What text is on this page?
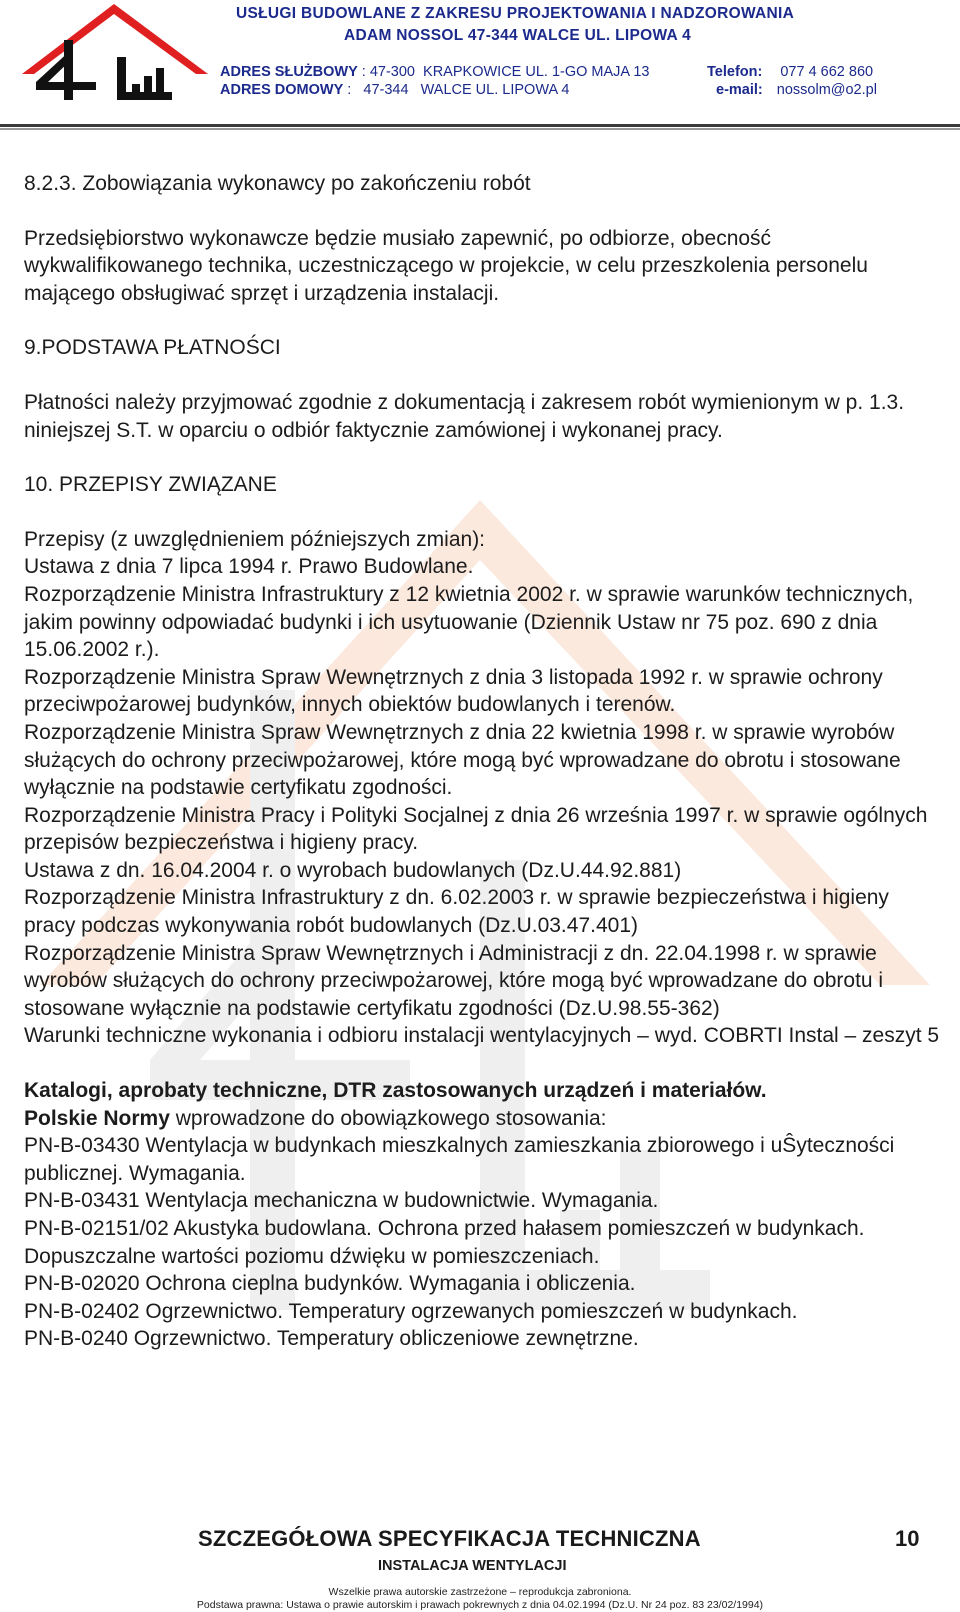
USŁUGI BUDOWLANE Z ZAKRESU PROJEKTOWANIA I NADZOROWANIA
ADAM NOSSOL 47-344 WALCE UL. LIPOWA 4
ADRES SŁUŻBOWY : 47-300  KRAPKOWICE UL. 1-GO MAJA 13	Telefon: 077 4 662 860
ADRES DOMOWY :   47-344   WALCE UL. LIPOWA 4	e-mail: nossolm@o2.pl

8.2.3. Zobowiązania wykonawcy po zakończeniu robót

Przedsiębiorstwo wykonawcze będzie musiało zapewnić, po odbiorze, obecność wykwalifikowanego technika, uczestniczącego w projekcie, w celu przeszkolenia personelu mającego obsługiwać sprzęt i urządzenia instalacji.

9.PODSTAWA PŁATNOŚCI

Płatności należy przyjmować zgodnie z dokumentacją i zakresem robót wymienionym w p. 1.3. niniejszej S.T. w oparciu o odbiór faktycznie zamówionej i wykonanej pracy.

10. PRZEPISY ZWIĄZANE

Przepisy (z uwzględnieniem późniejszych zmian):

Ustawa z dnia 7 lipca 1994 r. Prawo Budowlane.

Rozporządzenie Ministra Infrastruktury z 12 kwietnia 2002 r. w sprawie warunków technicznych, jakim powinny odpowiadać budynki i ich usytuowanie (Dziennik Ustaw nr 75 poz. 690 z dnia 15.06.2002 r.).

Rozporządzenie Ministra Spraw Wewnętrznych z dnia 3 listopada 1992 r. w sprawie ochrony przeciwpożarowej budynków, innych obiektów budowlanych i terenów.

Rozporządzenie Ministra Spraw Wewnętrznych z dnia 22 kwietnia 1998 r. w sprawie wyrobów służących do ochrony przeciwpożarowej, które mogą być wprowadzane do obrotu i stosowane wyłącznie na podstawie certyfikatu zgodności.

Rozporządzenie Ministra Pracy i Polityki Socjalnej z dnia 26 września 1997 r. w sprawie ogólnych przepisów bezpieczeństwa i higieny pracy.

Ustawa z dn. 16.04.2004 r. o wyrobach budowlanych (Dz.U.44.92.881)

Rozporządzenie Ministra Infrastruktury z dn. 6.02.2003 r. w sprawie bezpieczeństwa i higieny pracy podczas wykonywania robót budowlanych (Dz.U.03.47.401)

Rozporządzenie Ministra Spraw Wewnętrznych i Administracji z dn. 22.04.1998 r. w sprawie wyrobów służących do ochrony przeciwpożarowej, które mogą być wprowadzane do obrotu i stosowane wyłącznie na podstawie certyfikatu zgodności (Dz.U.98.55-362)

Warunki techniczne wykonania i odbioru instalacji wentylacyjnych – wyd. COBRTI Instal – zeszyt 5

Katalogi, aprobaty techniczne, DTR zastosowanych urządzeń i materiałów.

Polskie Normy wprowadzone do obowiązkowego stosowania:

PN-B-03430 Wentylacja w budynkach mieszkalnych zamieszkania zbiorowego i uŜyteczności publicznej. Wymagania.

PN-B-03431 Wentylacja mechaniczna w budownictwie. Wymagania.

PN-B-02151/02 Akustyka budowlana. Ochrona przed hałasem pomieszczeń w budynkach. Dopuszczalne wartości poziomu dźwięku w pomieszczeniach.

PN-B-02020 Ochrona cieplna budynków. Wymagania i obliczenia.

PN-B-02402 Ogrzewnictwo. Temperatury ogrzewanych pomieszczeń w budynkach.

PN-B-0240 Ogrzewnictwo. Temperatury obliczeniowe zewnętrzne.

SZCZEGÓŁOWA SPECYFIKACJA TECHNICZNA	10
INSTALACJA WENTYLACJI
Wszelkie prawa autorskie zastrzeżone – reprodukcja zabroniona.
Podstawa prawna: Ustawa o prawie autorskim i prawach pokrewnych z dnia 04.02.1994 (Dz.U. Nr 24 poz. 83 23/02/1994)
